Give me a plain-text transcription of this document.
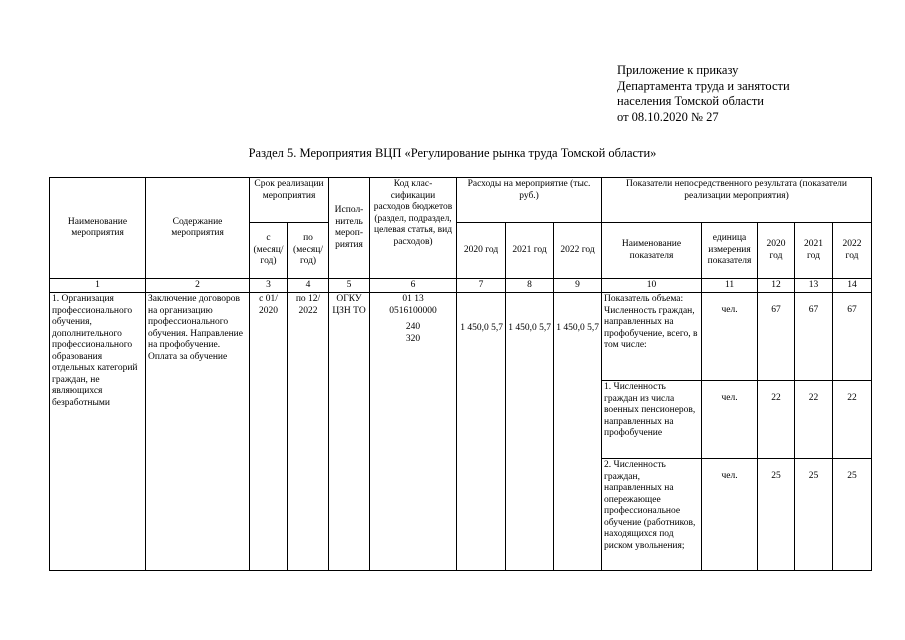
Приложение к приказу
Департамента труда и занятости
населения Томской области
от 08.10.2020 № 27
Раздел 5. Мероприятия ВЦП «Регулирование рынка труда Томской области»
Наименование мероприятия	Содержание мероприятия	Срок реализации мероприятия		Испол- нитель мероп- риятия	Код клас- сификации расходов бюджетов (раздел, подраздел, целевая статья, вид расходов)	Расходы на мероприятие (тыс. руб.)			Показатели непосредственного результата (показатели реализации мероприятия)				
		с (месяц/ год)	по (месяц/ год)			2020 год	2021 год	2022 год	Наименование показателя	единица измерения показателя	2020 год	2021 год	2022 год
1	2	3	4	5	6	7	8	9	10	11	12	13	14
1. Организация профессионального обучения, дополнительного профессионального образования отдельных категорий граждан, не являющихся безработными	Заключение договоров на организацию профессионального обучения. Направление на профобучение. Оплата за обучение	с 01/ 2020	по 12/ 2022	ОГКУ ЦЗН ТО	01 13
0516100000
240
320	1 450,0 5,7	1 450,0 5,7	1 450,0 5,7	Показатель объема: Численность граждан, направленных на профобучение, всего, в том числе:	чел.	67	67	67
									1. Численность граждан из числа военных пенсионеров, направленных на профобучение	чел.	22	22	22
									2. Численность граждан, направленных на опережающее профессиональное обучение (работников, находящихся под риском увольнения;	чел.	25	25	25
